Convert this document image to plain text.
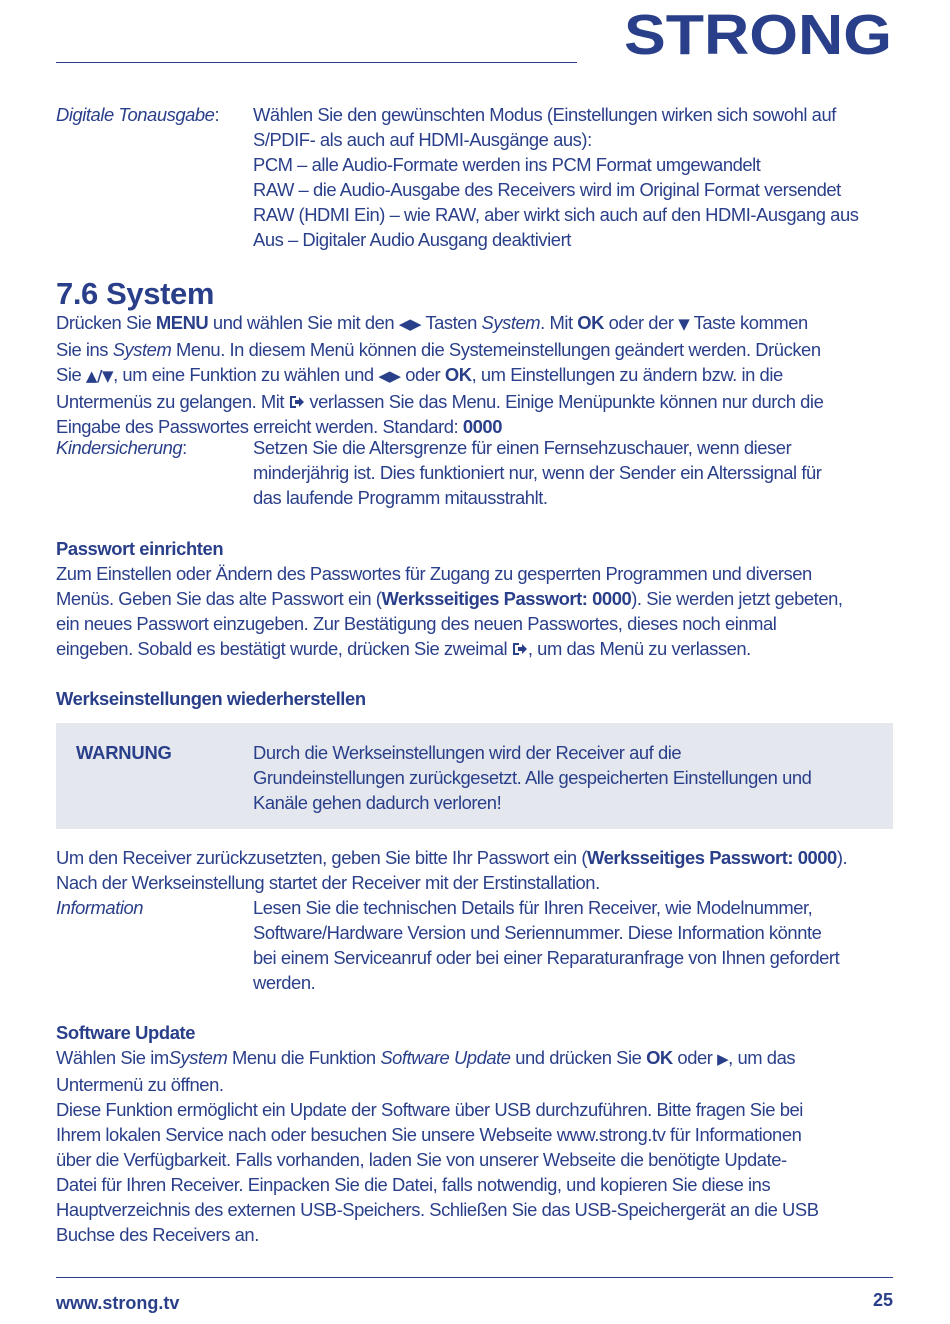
STRONG
Digitale Tonausgabe: Wählen Sie den gewünschten Modus (Einstellungen wirken sich sowohl auf
S/PDIF- als auch auf HDMI-Ausgänge aus):
PCM – alle Audio-Formate werden ins PCM Format umgewandelt
RAW – die Audio-Ausgabe des Receivers wird im Original Format versendet
RAW (HDMI Ein) – wie RAW, aber wirkt sich auch auf den HDMI-Ausgang aus
Aus – Digitaler Audio Ausgang deaktiviert
7.6 System
Drücken Sie MENU und wählen Sie mit den ◀▶ Tasten System. Mit OK oder der ▼ Taste kommen
Sie ins System Menu. In diesem Menü können die Systemeinstellungen geändert werden. Drücken
Sie ▲/▼, um eine Funktion zu wählen und ◀▶ oder OK, um Einstellungen zu ändern bzw. in die
Untermenüs zu gelangen. Mit  verlassen Sie das Menu. Einige Menüpunkte können nur durch die
Eingabe des Passwortes erreicht werden. Standard: 0000
Kindersicherung:	Setzen Sie die Altersgrenze für einen Fernsehzuschauer, wenn dieser
minderjährig ist. Dies funktioniert nur, wenn der Sender ein Alterssignal für
das laufende Programm mitausstrahlt.
Passwort einrichten
Zum Einstellen oder Ändern des Passwortes für Zugang zu gesperrten Programmen und diversen
Menüs. Geben Sie das alte Passwort ein (Werksseitiges Passwort: 0000). Sie werden jetzt gebeten,
ein neues Passwort einzugeben. Zur Bestätigung des neuen Passwortes, dieses noch einmal
eingeben. Sobald es bestätigt wurde, drücken Sie zweimal , um das Menü zu verlassen.
Werkseinstellungen wiederherstellen
WARNUNG	Durch die Werkseinstellungen wird der Receiver auf die
Grundeinstellungen zurückgesetzt. Alle gespeicherten Einstellungen und
Kanäle gehen dadurch verloren!
Um den Receiver zurückzusetzten, geben Sie bitte Ihr Passwort ein (Werksseitiges Passwort: 0000).
Nach der Werkseinstellung startet der Receiver mit der Erstinstallation.
Information	Lesen Sie die technischen Details für Ihren Receiver, wie Modelnummer,
Software/Hardware Version und Seriennummer. Diese Information könnte
bei einem Serviceanruf oder bei einer Reparaturanfrage von Ihnen gefordert
werden.
Software Update
Wählen Sie imSystem Menu die Funktion Software Update und drücken Sie OK oder ▶, um das
Untermenü zu öffnen.
Diese Funktion ermöglicht ein Update der Software über USB durchzuführen. Bitte fragen Sie bei
Ihrem lokalen Service nach oder besuchen Sie unsere Webseite www.strong.tv für Informationen
über die Verfügbarkeit. Falls vorhanden, laden Sie von unserer Webseite die benötigte Update-
Datei für Ihren Receiver. Einpacken Sie die Datei, falls notwendig, und kopieren Sie diese ins
Hauptverzeichnis des externen USB-Speichers. Schließen Sie das USB-Speichergerät an die USB
Buchse des Receivers an.
www.strong.tv	25
